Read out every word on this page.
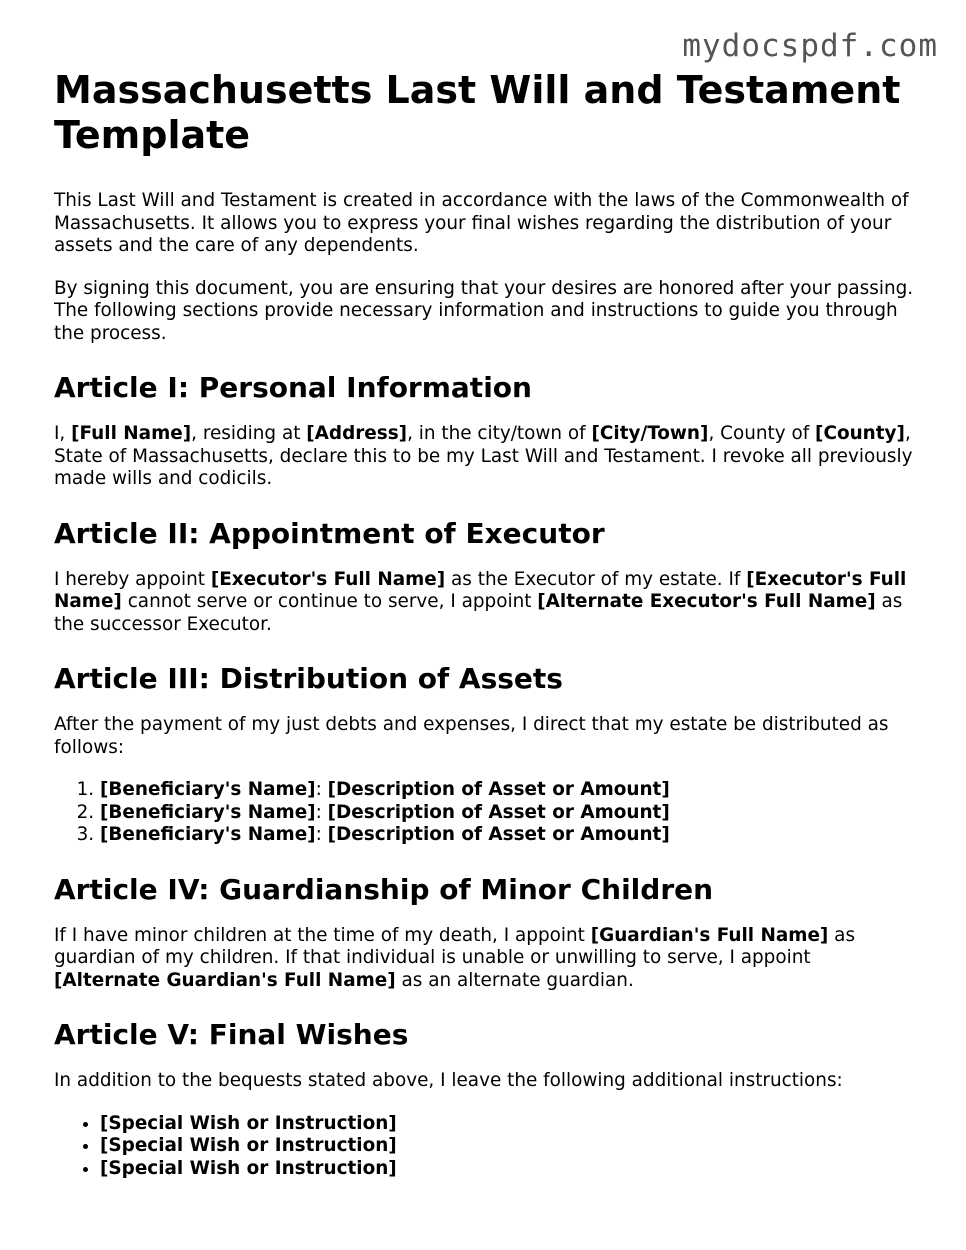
mydocspdf.com
Massachusetts Last Will and Testament Template

This Last Will and Testament is created in accordance with the laws of the Commonwealth of Massachusetts. It allows you to express your final wishes regarding the distribution of your assets and the care of any dependents.

By signing this document, you are ensuring that your desires are honored after your passing. The following sections provide necessary information and instructions to guide you through the process.

Article I: Personal Information

I, [Full Name], residing at [Address], in the city/town of [City/Town], County of [County], State of Massachusetts, declare this to be my Last Will and Testament. I revoke all previously made wills and codicils.

Article II: Appointment of Executor

I hereby appoint [Executor's Full Name] as the Executor of my estate. If [Executor's Full Name] cannot serve or continue to serve, I appoint [Alternate Executor's Full Name] as the successor Executor.

Article III: Distribution of Assets

After the payment of my just debts and expenses, I direct that my estate be distributed as follows:

1. [Beneficiary's Name]: [Description of Asset or Amount]
2. [Beneficiary's Name]: [Description of Asset or Amount]
3. [Beneficiary's Name]: [Description of Asset or Amount]
Article IV: Guardianship of Minor Children

If I have minor children at the time of my death, I appoint [Guardian's Full Name] as guardian of my children. If that individual is unable or unwilling to serve, I appoint [Alternate Guardian's Full Name] as an alternate guardian.

Article V: Final Wishes

In addition to the bequests stated above, I leave the following additional instructions:

• [Special Wish or Instruction]
• [Special Wish or Instruction]
• [Special Wish or Instruction]
